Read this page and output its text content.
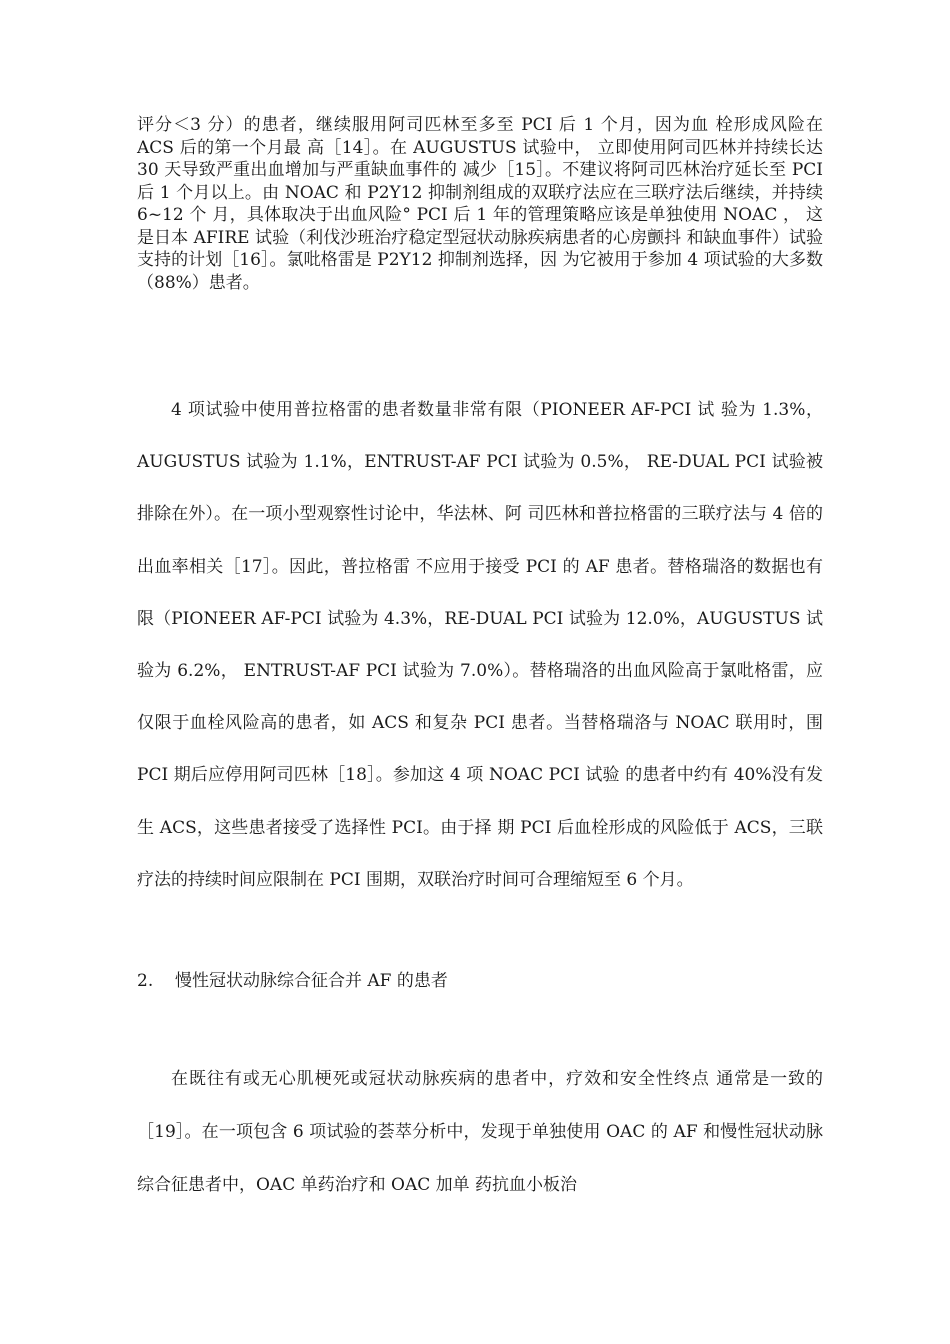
评分＜3 分）的患者，继续服用阿司匹林至多至 PCI 后 1 个月，因为血 栓形成风险在 ACS 后的第一个月最 高［14］。在 AUGUSTUS 试验中， 立即使用阿司匹林并持续长达 30 天导致严重出血增加与严重缺血事件的 减少［15］。不建议将阿司匹林治疗延长至 PCI 后 1 个月以上。由 NOAC 和 P2Y12 抑制剂组成的双联疗法应在三联疗法后继续，并持续 6~12 个 月，具体取决于出血风险° PCI 后 1 年的管理策略应该是单独使用 NOAC ， 这是日本 AFIRE 试验（利伐沙班治疗稳定型冠状动脉疾病患者的心房颤抖 和缺血事件）试验支持的计划［16］。氯吡格雷是 P2Y12 抑制剂选择，因 为它被用于参加 4 项试验的大多数（88%）患者。

4 项试验中使用普拉格雷的患者数量非常有限（PIONEER AF-PCI 试 验为 1.3%，AUGUSTUS 试验为 1.1%，ENTRUST-AF PCI 试验为 0.5%， RE-DUAL PCI 试验被排除在外）。在一项小型观察性讨论中，华法林、阿 司匹林和普拉格雷的三联疗法与 4 倍的出血率相关［17］。因此，普拉格雷 不应用于接受 PCI 的 AF 患者。替格瑞洛的数据也有限（PIONEER AF-PCI 试验为 4.3%，RE-DUAL PCI 试验为 12.0%，AUGUSTUS 试验为 6.2%， ENTRUST-AF PCI 试验为 7.0%）。替格瑞洛的出血风险高于氯吡格雷，应 仅限于血栓风险高的患者，如 ACS 和复杂 PCI 患者。当替格瑞洛与 NOAC 联用时，围 PCI 期后应停用阿司匹林［18］。参加这 4 项 NOAC PCI 试验 的患者中约有 40%没有发生 ACS，这些患者接受了选择性 PCI。由于择 期 PCI 后血栓形成的风险低于 ACS，三联疗法的持续时间应限制在 PCI 围期，双联治疗时间可合理缩短至 6 个月。

2. 慢性冠状动脉综合征合并 AF 的患者

在既往有或无心肌梗死或冠状动脉疾病的患者中，疗效和安全性终点 通常是一致的［19］。在一项包含 6 项试验的荟萃分析中，发现于单独使用 OAC 的 AF 和慢性冠状动脉综合征患者中，OAC 单药治疗和 OAC 加单 药抗血小板治
